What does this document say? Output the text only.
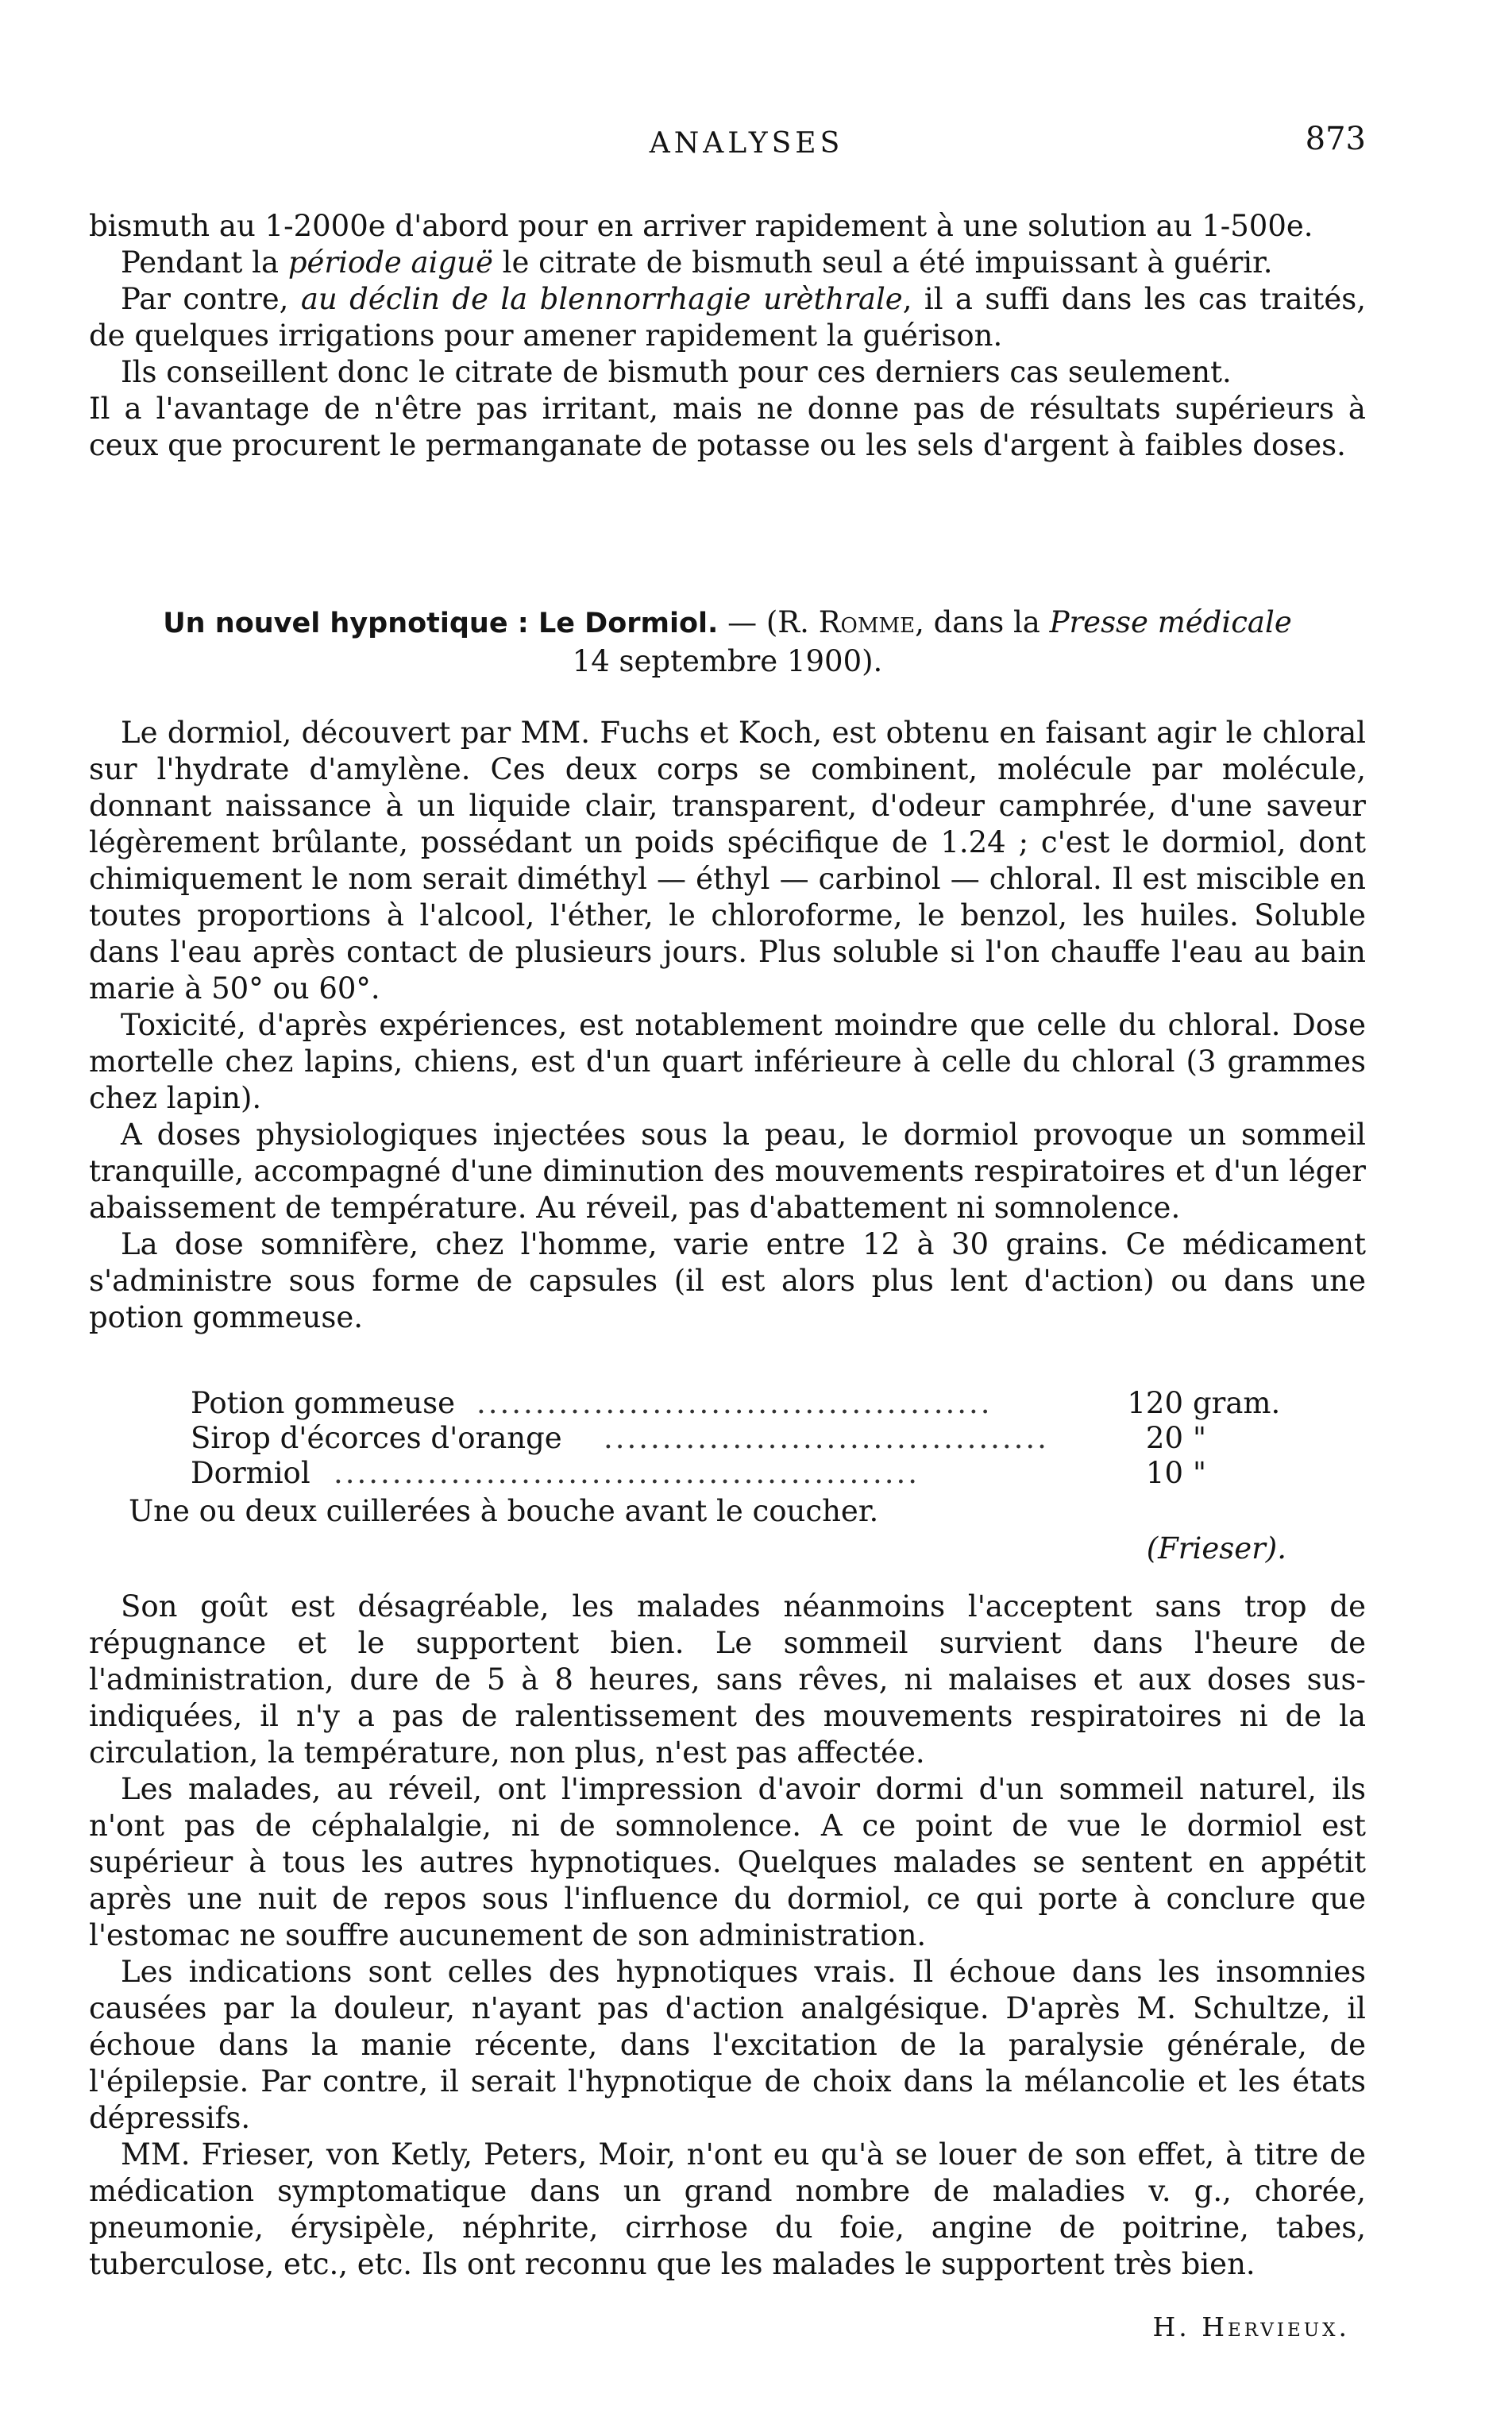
ANALYSES	873

bismuth au 1-2000e d'abord pour en arriver rapidement à une solution au 1-500e.

Pendant la période aiguë le citrate de bismuth seul a été impuissant à guérir.

Par contre, au déclin de la blennorrhagie urèthrale, il a suffi dans les cas traités, de quelques irrigations pour amener rapidement la guérison.

Ils conseillent donc le citrate de bismuth pour ces derniers cas seulement.

Il a l'avantage de n'être pas irritant, mais ne donne pas de résultats supérieurs à ceux que procurent le permanganate de potasse ou les sels d'argent à faibles doses.

Un nouvel hypnotique : Le Dormiol. — (R. Romme, dans la Presse médicale
14 septembre 1900).

Le dormiol, découvert par MM. Fuchs et Koch, est obtenu en faisant agir le chloral sur l'hydrate d'amylène. Ces deux corps se combinent, molécule par molécule, donnant naissance à un liquide clair, transparent, d'odeur camphrée, d'une saveur légèrement brûlante, possédant un poids spécifique de 1.24 ; c'est le dormiol, dont chimiquement le nom serait diméthyl — éthyl — carbinol — chloral. Il est miscible en toutes proportions à l'alcool, l'éther, le chloroforme, le benzol, les huiles. Soluble dans l'eau après contact de plusieurs jours. Plus soluble si l'on chauffe l'eau au bain marie à 50° ou 60°.

Toxicité, d'après expériences, est notablement moindre que celle du chloral. Dose mortelle chez lapins, chiens, est d'un quart inférieure à celle du chloral (3 grammes chez lapin).

A doses physiologiques injectées sous la peau, le dormiol provoque un sommeil tranquille, accompagné d'une diminution des mouvements respiratoires et d'un léger abaissement de température. Au réveil, pas d'abattement ni somnolence.

La dose somnifère, chez l'homme, varie entre 12 à 30 grains. Ce médicament s'administre sous forme de capsules (il est alors plus lent d'action) ou dans une potion gommeuse.

Potion gommeuse ............................................	120 gram.
Sirop d'écorces d'orange ......................................	20 "
Dormiol ..................................................	10 "

Une ou deux cuillerées à bouche avant le coucher.

(Frieser).

Son goût est désagréable, les malades néanmoins l'acceptent sans trop de répugnance et le supportent bien. Le sommeil survient dans l'heure de l'administration, dure de 5 à 8 heures, sans rêves, ni malaises et aux doses sus-indiquées, il n'y a pas de ralentissement des mouvements respiratoires ni de la circulation, la température, non plus, n'est pas affectée.

Les malades, au réveil, ont l'impression d'avoir dormi d'un sommeil naturel, ils n'ont pas de céphalalgie, ni de somnolence. A ce point de vue le dormiol est supérieur à tous les autres hypnotiques. Quelques malades se sentent en appétit après une nuit de repos sous l'influence du dormiol, ce qui porte à conclure que l'estomac ne souffre aucunement de son administration.

Les indications sont celles des hypnotiques vrais. Il échoue dans les insomnies causées par la douleur, n'ayant pas d'action analgésique. D'après M. Schultze, il échoue dans la manie récente, dans l'excitation de la paralysie générale, de l'épilepsie. Par contre, il serait l'hypnotique de choix dans la mélancolie et les états dépressifs.

MM. Frieser, von Ketly, Peters, Moir, n'ont eu qu'à se louer de son effet, à titre de médication symptomatique dans un grand nombre de maladies v. g., chorée, pneumonie, érysipèle, néphrite, cirrhose du foie, angine de poitrine, tabes, tuberculose, etc., etc. Ils ont reconnu que les malades le supportent très bien.

H. Hervieux.
